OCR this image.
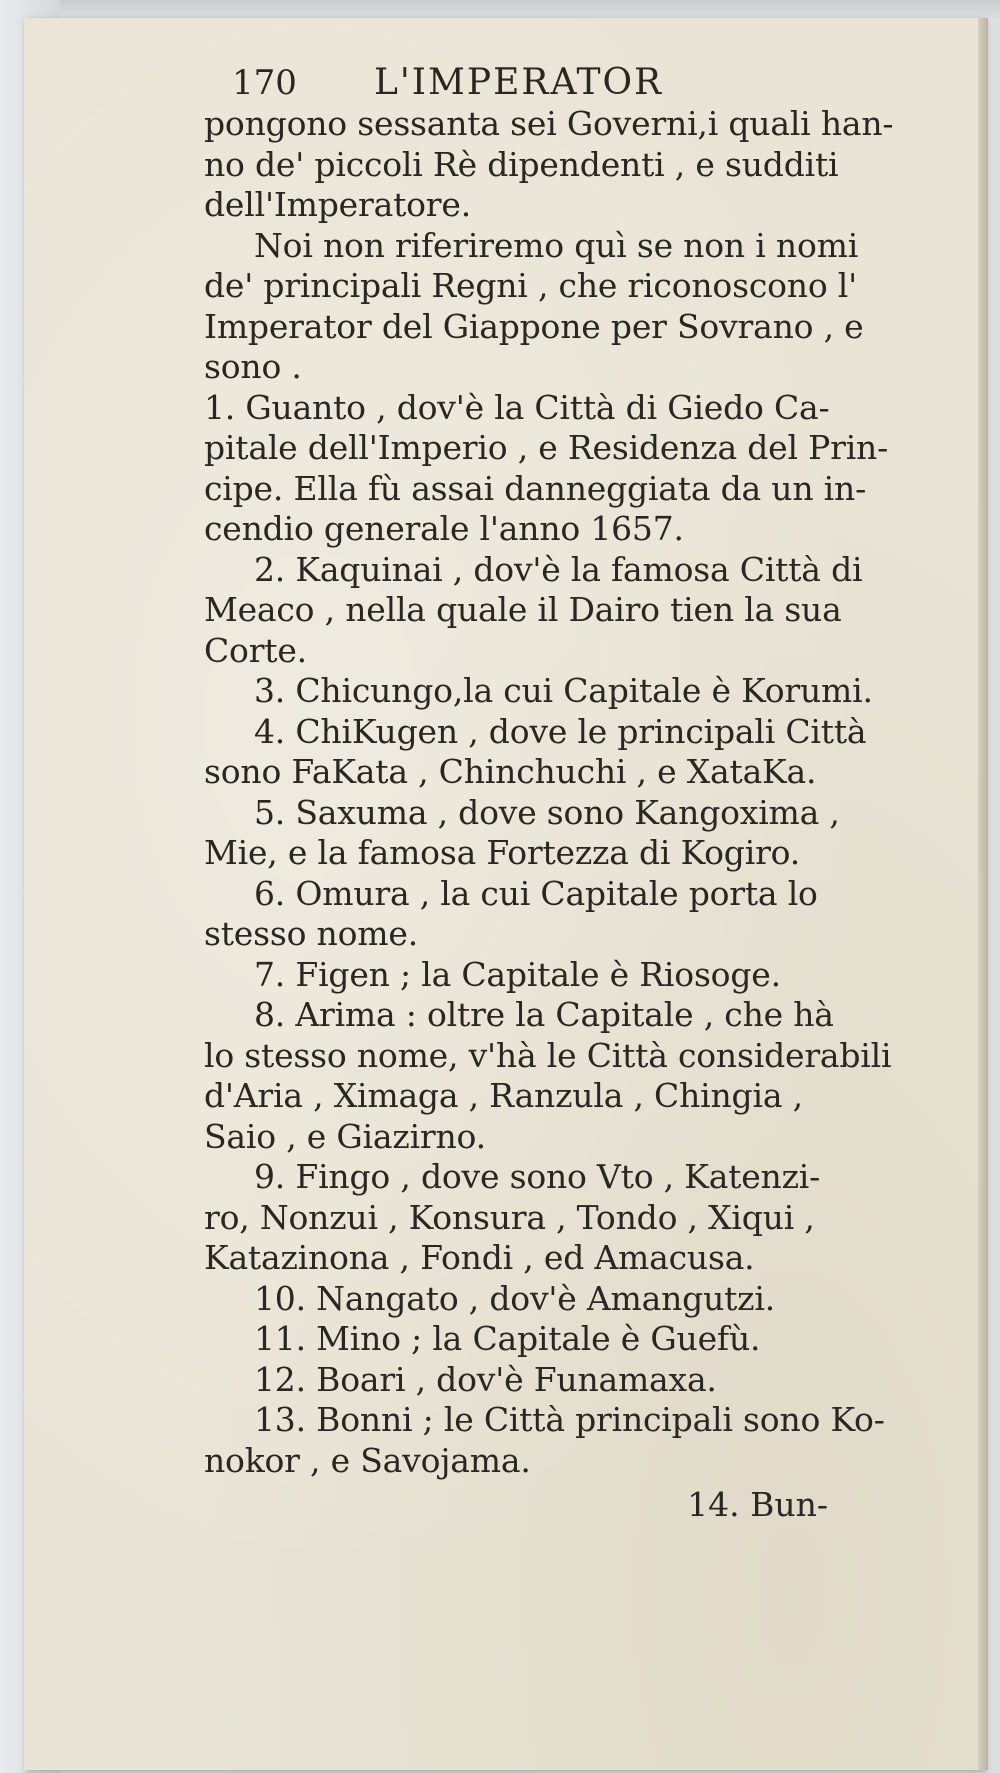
170 L'IMPERATOR
pongono sessanta sei Governi,i quali han-
no de' piccoli Rè dipendenti , e sudditi
dell'Imperatore.
Noi non riferiremo quì se non i nomi
de' principali Regni , che riconoscono l'
Imperator del Giappone per Sovrano , e
sono .
1. Guanto , dov'è la Città di Giedo Ca-
pitale dell'Imperio , e Residenza del Prin-
cipe. Ella fù assai danneggiata da un in-
cendio generale l'anno 1657.
2. Kaquinai , dov'è la famosa Città di
Meaco , nella quale il Dairo tien la sua
Corte.
3. Chicungo,la cui Capitale è Korumi.
4. ChiKugen , dove le principali Città
sono FaKata , Chinchuchi , e XataKa.
5. Saxuma , dove sono Kangoxima ,
Mie, e la famosa Fortezza di Kogiro.
6. Omura , la cui Capitale porta lo
stesso nome.
7. Figen ; la Capitale è Riosoge.
8. Arima : oltre la Capitale , che hà
lo stesso nome, v'hà le Città considerabili
d'Aria , Ximaga , Ranzula , Chingia ,
Saio , e Giazirno.
9. Fingo , dove sono Vto , Katenzi-
ro, Nonzui , Konsura , Tondo , Xiqui ,
Katazinona , Fondi , ed Amacusa.
10. Nangato , dov'è Amangutzi.
11. Mino ; la Capitale è Guefù.
12. Boari , dov'è Funamaxa.
13. Bonni ; le Città principali sono Ko-
nokor , e Savojama.
14. Bun-
